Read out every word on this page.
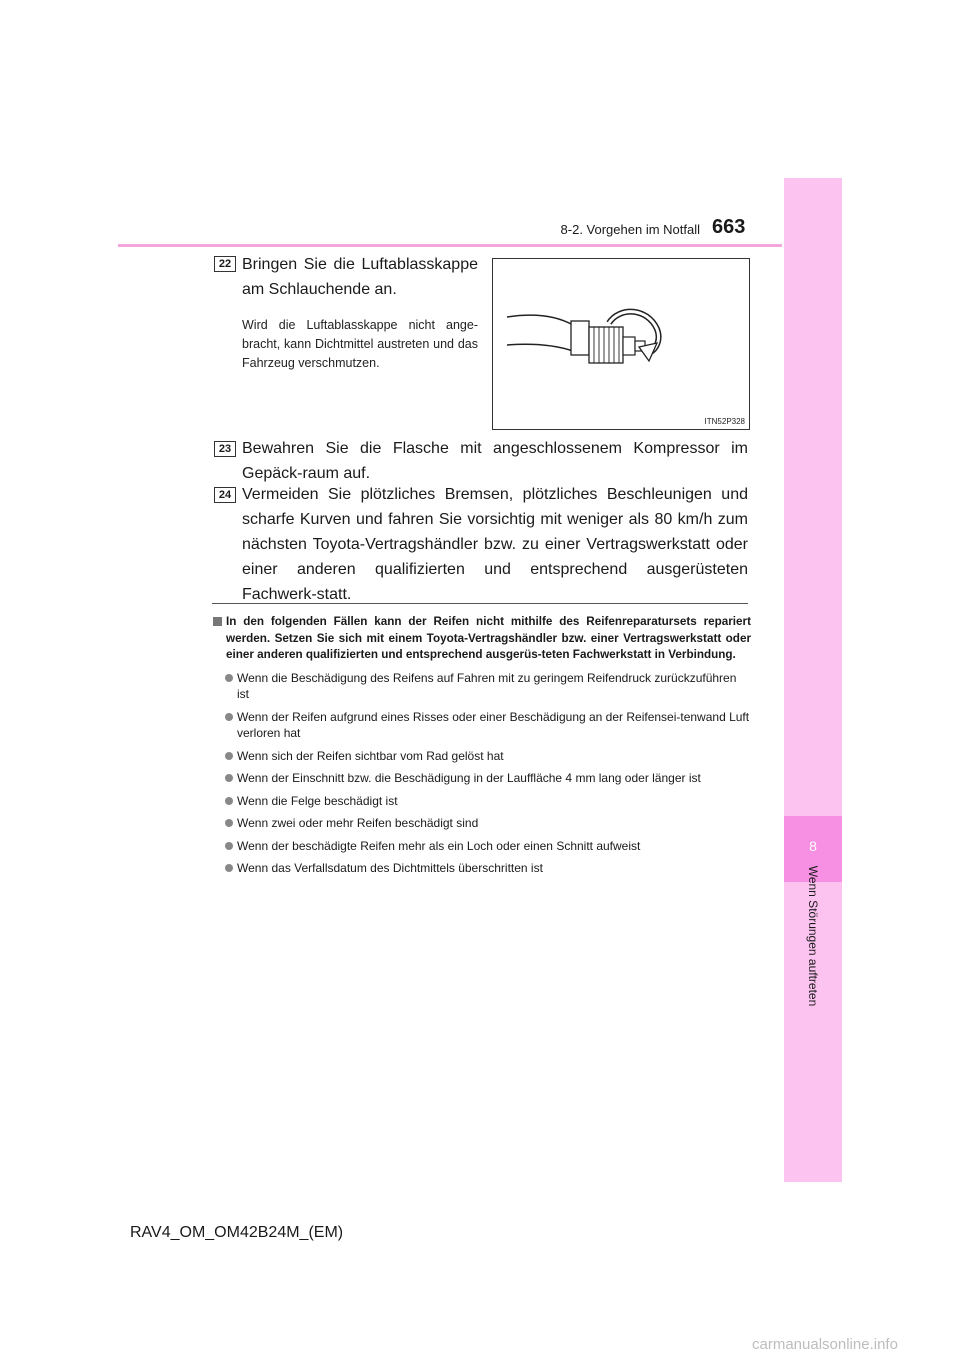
8-2. Vorgehen im Notfall 663
8
Wenn Störungen auftreten
22 Bringen Sie die Luftablasskappe am Schlauchende an.
Wird die Luftablasskappe nicht ange-bracht, kann Dichtmittel austreten und das Fahrzeug verschmutzen.
ITN52P328
23 Bewahren Sie die Flasche mit angeschlossenem Kompressor im Gepäck-raum auf.
24 Vermeiden Sie plötzliches Bremsen, plötzliches Beschleunigen und scharfe Kurven und fahren Sie vorsichtig mit weniger als 80 km/h zum nächsten Toyota-Vertragshändler bzw. zu einer Vertragswerkstatt oder einer anderen qualifizierten und entsprechend ausgerüsteten Fachwerk-statt.
In den folgenden Fällen kann der Reifen nicht mithilfe des Reifenreparatursets repariert werden. Setzen Sie sich mit einem Toyota-Vertragshändler bzw. einer Vertragswerkstatt oder einer anderen qualifizierten und entsprechend ausgerüs-teten Fachwerkstatt in Verbindung.
Wenn die Beschädigung des Reifens auf Fahren mit zu geringem Reifendruck zurückzuführen ist
Wenn der Reifen aufgrund eines Risses oder einer Beschädigung an der Reifensei-tenwand Luft verloren hat
Wenn sich der Reifen sichtbar vom Rad gelöst hat
Wenn der Einschnitt bzw. die Beschädigung in der Lauffläche 4 mm lang oder länger ist
Wenn die Felge beschädigt ist
Wenn zwei oder mehr Reifen beschädigt sind
Wenn der beschädigte Reifen mehr als ein Loch oder einen Schnitt aufweist
Wenn das Verfallsdatum des Dichtmittels überschritten ist
RAV4_OM_OM42B24M_(EM)
carmanualsonline.info
